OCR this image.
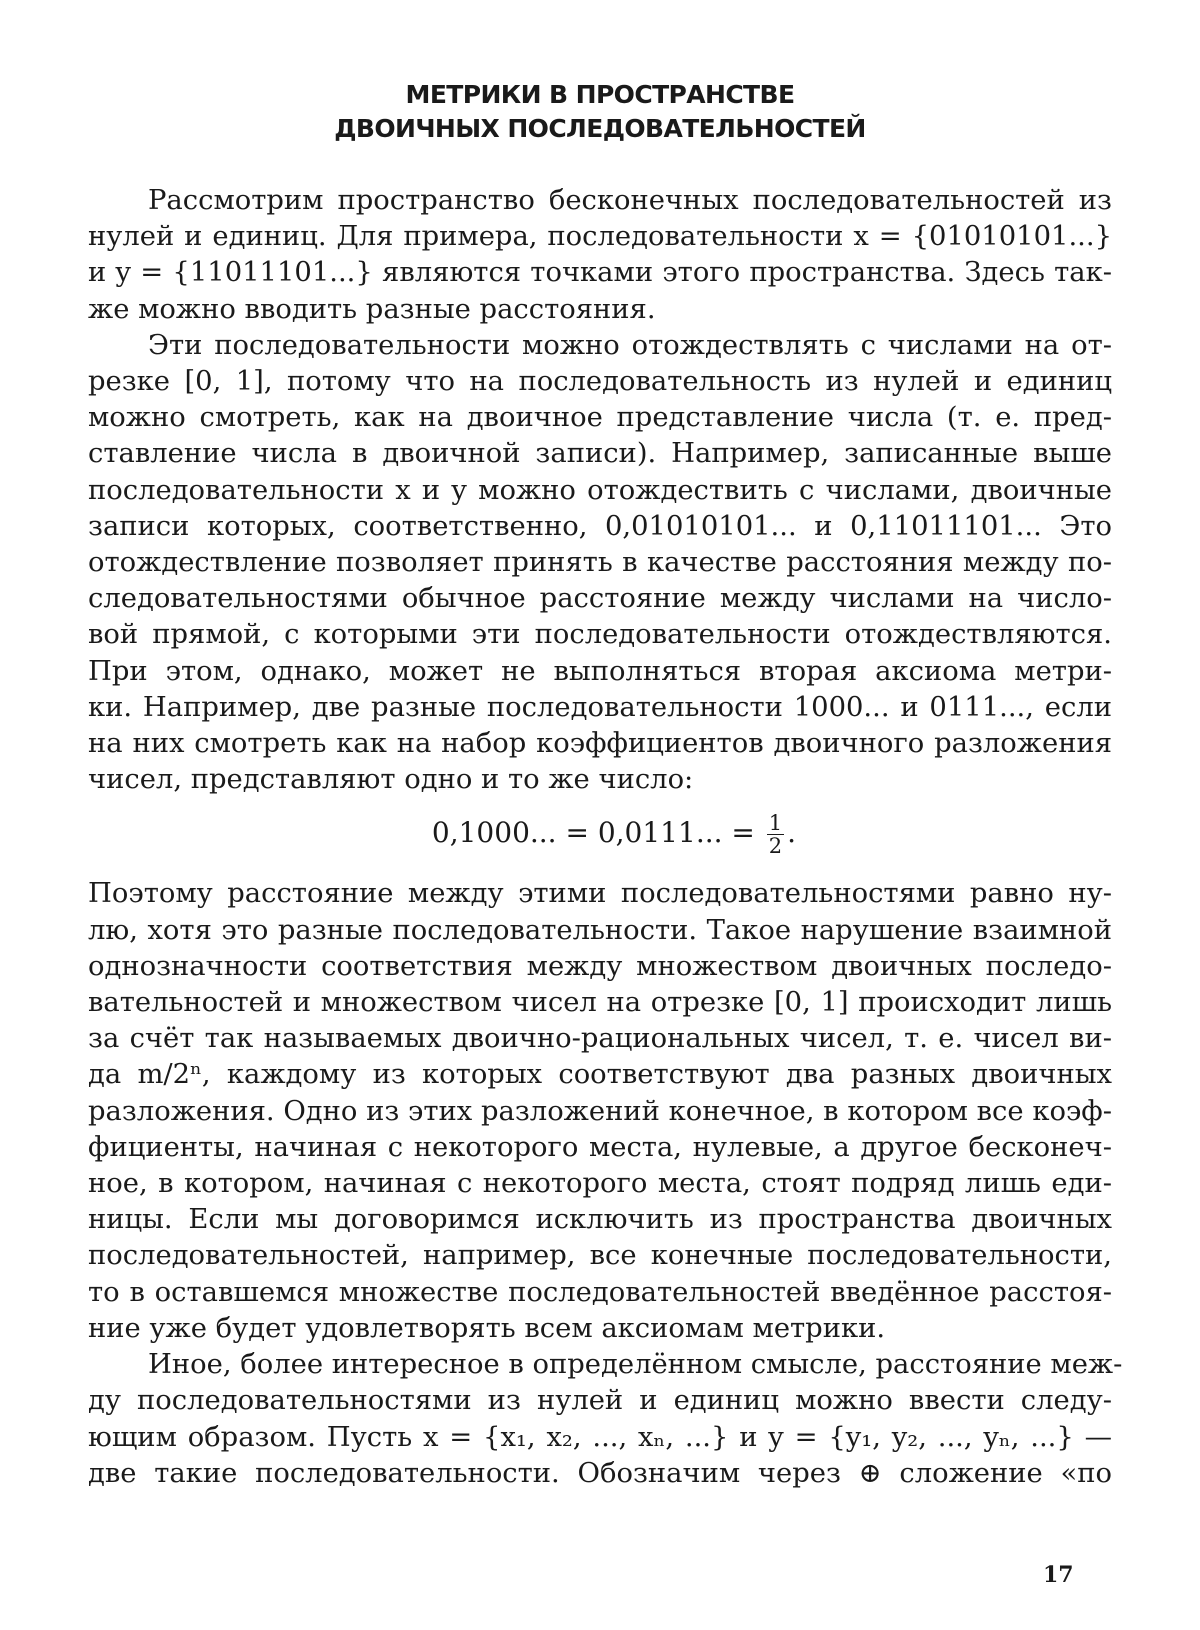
МЕТРИКИ В ПРОСТРАНСТВЕ
ДВОИЧНЫХ ПОСЛЕДОВАТЕЛЬНОСТЕЙ
Рассмотрим пространство бесконечных последовательностей из
нулей и единиц. Для примера, последовательности x = {01010101...}
и y = {11011101...} являются точками этого пространства. Здесь так-
же можно вводить разные расстояния.
Эти последовательности можно отождествлять с числами на от-
резке [0, 1], потому что на последовательность из нулей и единиц
можно смотреть, как на двоичное представление числа (т. е. пред-
ставление числа в двоичной записи). Например, записанные выше
последовательности x и y можно отождествить с числами, двоичные
записи которых, соответственно, 0,01010101... и 0,11011101... Это
отождествление позволяет принять в качестве расстояния между по-
следовательностями обычное расстояние между числами на число-
вой прямой, с которыми эти последовательности отождествляются.
При этом, однако, может не выполняться вторая аксиома метри-
ки. Например, две разные последовательности 1000... и 0111..., если
на них смотреть как на набор коэффициентов двоичного разложения
чисел, представляют одно и то же число:
0,1000... = 0,0111... = $\frac{1}{2}$ .
Поэтому расстояние между этими последовательностями равно ну-
лю, хотя это разные последовательности. Такое нарушение взаимной
однозначности соответствия между множеством двоичных последо-
вательностей и множеством чисел на отрезке [0, 1] происходит лишь
за счёт так называемых двоично-рациональных чисел, т. е. чисел ви-
да m/2ⁿ, каждому из которых соответствуют два разных двоичных
разложения. Одно из этих разложений конечное, в котором все коэф-
фициенты, начиная с некоторого места, нулевые, а другое бесконеч-
ное, в котором, начиная с некоторого места, стоят подряд лишь еди-
ницы. Если мы договоримся исключить из пространства двоичных
последовательностей, например, все конечные последовательности,
то в оставшемся множестве последовательностей введённое расстоя-
ние уже будет удовлетворять всем аксиомам метрики.
Иное, более интересное в определённом смысле, расстояние меж-
ду последовательностями из нулей и единиц можно ввести следу-
ющим образом. Пусть x = {x₁, x₂, ..., xₙ, ...} и y = {y₁, y₂, ..., yₙ, ...} —
две такие последовательности. Обозначим через ⊕ сложение «по
17
